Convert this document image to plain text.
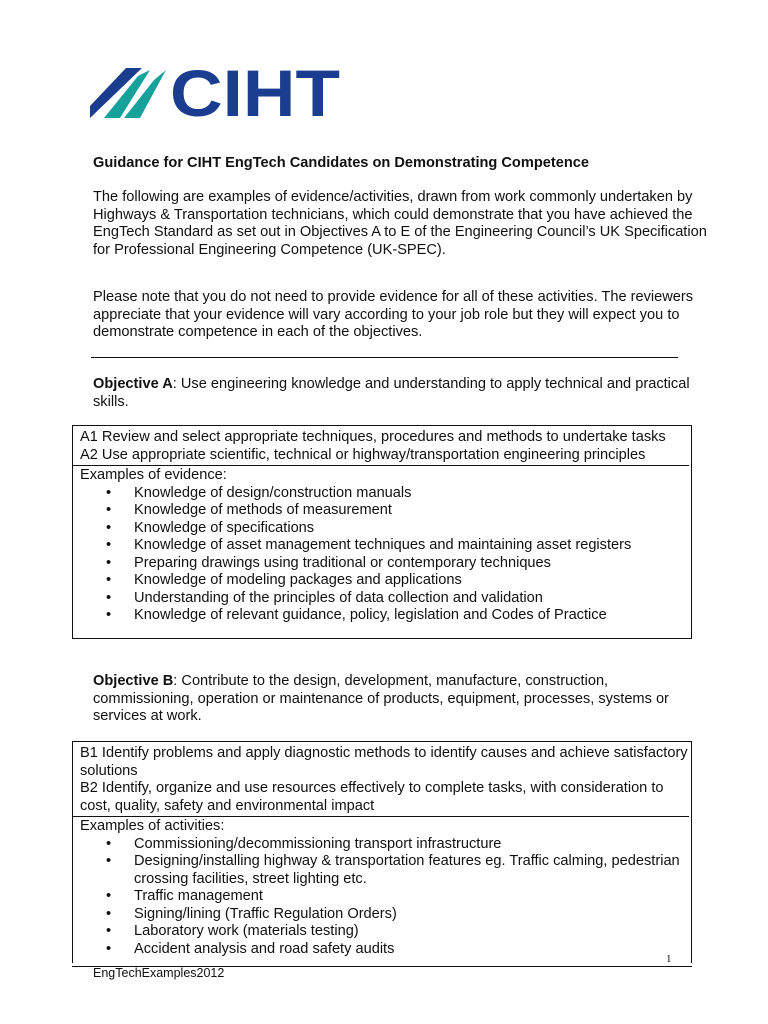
CIHT

Guidance for CIHT EngTech Candidates on Demonstrating Competence

The following are examples of evidence/activities, drawn from work commonly undertaken by Highways & Transportation technicians, which could demonstrate that you have achieved the EngTech Standard as set out in Objectives A to E of the Engineering Council’s UK Specification for Professional Engineering Competence (UK-SPEC).

Please note that you do not need to provide evidence for all of these activities. The reviewers appreciate that your evidence will vary according to your job role but they will expect you to demonstrate competence in each of the objectives.

Objective A: Use engineering knowledge and understanding to apply technical and practical skills.

A1 Review and select appropriate techniques, procedures and methods to undertake tasks

A2 Use appropriate scientific, technical or highway/transportation engineering principles

Examples of evidence:

• Knowledge of design/construction manuals
• Knowledge of methods of measurement
• Knowledge of specifications
• Knowledge of asset management techniques and maintaining asset registers
• Preparing drawings using traditional or contemporary techniques
• Knowledge of modeling packages and applications
• Understanding of the principles of data collection and validation
• Knowledge of relevant guidance, policy, legislation and Codes of Practice

Objective B: Contribute to the design, development, manufacture, construction, commissioning, operation or maintenance of products, equipment, processes, systems or services at work.

B1 Identify problems and apply diagnostic methods to identify causes and achieve satisfactory solutions

B2 Identify, organize and use resources effectively to complete tasks, with consideration to cost, quality, safety and environmental impact

Examples of activities:

• Commissioning/decommissioning transport infrastructure
• Designing/installing highway & transportation features eg. Traffic calming, pedestrian crossing facilities, street lighting etc.
• Traffic management
• Signing/lining (Traffic Regulation Orders)
• Laboratory work (materials testing)
• Accident analysis and road safety audits
1
EngTechExamples2012
